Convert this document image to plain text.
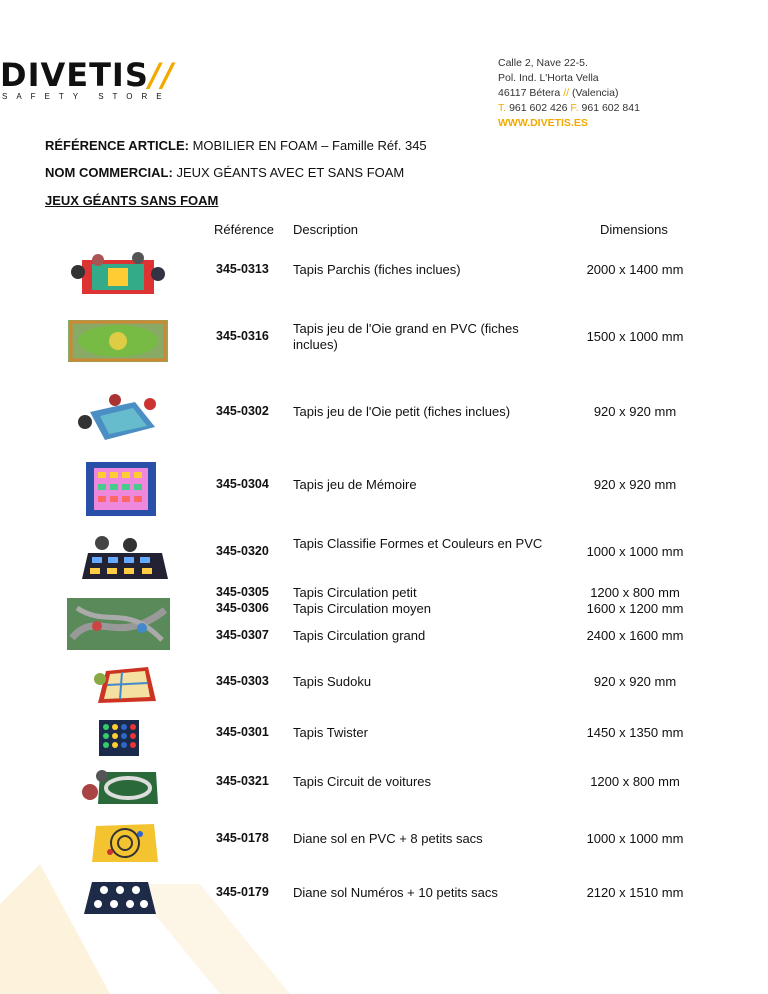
DIVETIS//
SAFETY STORE
Calle 2, Nave 22-5.
Pol. Ind. L'Horta Vella
46117 Bétera // (Valencia)
T. 961 602 426 F. 961 602 841
WWW.DIVETIS.ES
RÉFÉRENCE ARTICLE: MOBILIER EN FOAM – Famille Réf. 345
NOM COMMERCIAL: JEUX GÉANTS AVEC ET SANS FOAM
JEUX GÉANTS SANS FOAM
Référence Description	Dimensions
345-0313 Tapis Parchis (fiches inclues)	2000 x 1400 mm
345-0316 Tapis jeu de l'Oie grand en PVC (fiches inclues)
1500 x 1000 mm
345-0302 Tapis jeu de l'Oie petit (fiches inclues)	920 x 920 mm
345-0304 Tapis jeu de Mémoire	920 x 920 mm
345-0320 Tapis Classifie Formes et Couleurs en PVC
1000 x 1000 mm
345-0305 Tapis Circulation petit	1200 x 800 mm
345-0306 Tapis Circulation moyen	1600 x 1200 mm
345-0307 Tapis Circulation grand	2400 x 1600 mm
345-0303 Tapis Sudoku	920 x 920 mm
345-0301 Tapis Twister	1450 x 1350 mm
345-0321 Tapis Circuit de voitures	1200 x 800 mm
345-0178 Diane sol en PVC + 8 petits sacs	1000 x 1000 mm
345-0179 Diane sol Numéros + 10 petits sacs	2120 x 1510 mm
